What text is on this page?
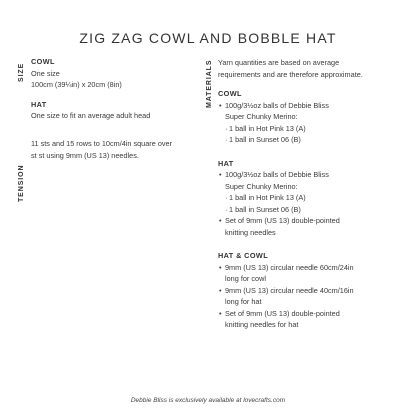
ZIG ZAG COWL AND BOBBLE HAT
SIZE
TENSION
MATERIALS
COWL

One size

100cm (39¼in) x 20cm (8in)

HAT

One size to fit an average adult head

11 sts and 15 rows to 10cm/4in square over

st st using 9mm (US 13) needles.

Yarn quantities are based on average

requirements and are therefore approximate.

COWL
• 100g/3½oz balls of Debbie Bliss
Super Chunky Merino:
· 1 ball in Hot Pink 13 (A)
· 1 ball in Sunset 06 (B)
HAT
• 100g/3½oz balls of Debbie Bliss
Super Chunky Merino:
· 1 ball in Hot Pink 13 (A)
· 1 ball in Sunset 06 (B)
• Set of 9mm (US 13) double-pointed
knitting needles
HAT & COWL
• 9mm (US 13) circular needle 60cm/24in
long for cowl
• 9mm (US 13) circular needle 40cm/16in
long for hat
• Set of 9mm (US 13) double-pointed
knitting needles for hat
Debbie Bliss is exclusively available at lovecrafts.com
